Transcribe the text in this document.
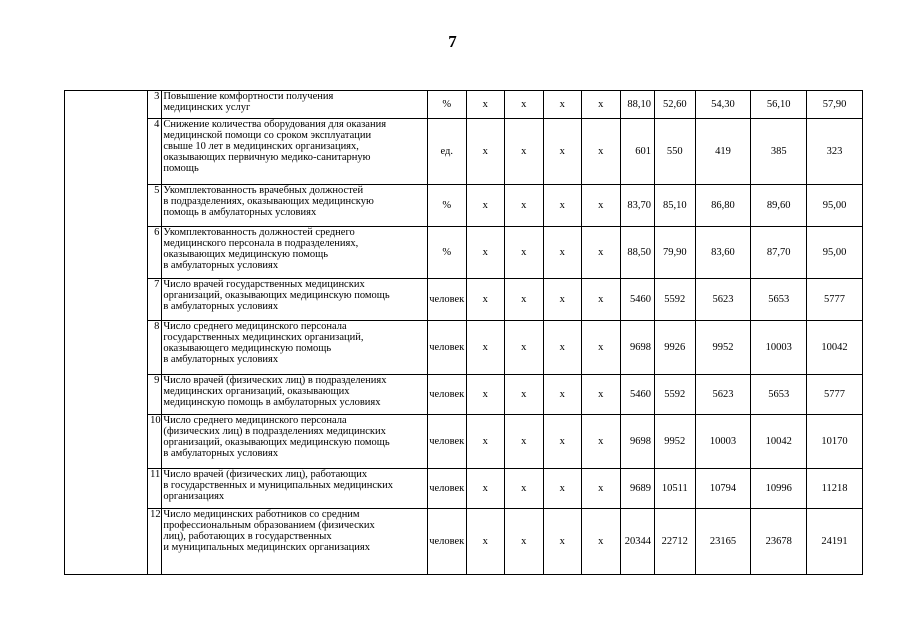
7
	3	Повышение комфортности получения
медицинских услуг	%	х	х	х	х	88,10	52,60	54,30	56,10	57,90
	4	Снижение количества оборудования для оказания
медицинской помощи со сроком эксплуатации
свыше 10 лет в медицинских организациях,
оказывающих первичную медико-санитарную
помощь	ед.	х	х	х	х	601	550	419	385	323
	5	Укомплектованность врачебных должностей
в подразделениях, оказывающих медицинскую
помощь в амбулаторных условиях	%	х	х	х	х	83,70	85,10	86,80	89,60	95,00
	6	Укомплектованность должностей среднего
медицинского персонала в подразделениях,
оказывающих медицинскую помощь
в амбулаторных условиях	%	х	х	х	х	88,50	79,90	83,60	87,70	95,00
	7	Число врачей государственных медицинских
организаций, оказывающих медицинскую помощь
в амбулаторных условиях	человек	х	х	х	х	5460	5592	5623	5653	5777
	8	Число среднего медицинского персонала
государственных медицинских организаций,
оказывающего медицинскую помощь
в амбулаторных условиях	человек	х	х	х	х	9698	9926	9952	10003	10042
	9	Число врачей (физических лиц) в подразделениях
медицинских организаций, оказывающих
медицинскую помощь в амбулаторных условиях	человек	х	х	х	х	5460	5592	5623	5653	5777
	10	Число среднего медицинского персонала
(физических лиц) в подразделениях медицинских
организаций, оказывающих медицинскую помощь
в амбулаторных условиях	человек	х	х	х	х	9698	9952	10003	10042	10170
	11	Число врачей (физических лиц), работающих
в государственных и муниципальных медицинских
организациях	человек	х	х	х	х	9689	10511	10794	10996	11218
	12	Число медицинских работников со средним
профессиональным образованием (физических
лиц), работающих в государственных
и муниципальных медицинских организациях	человек	х	х	х	х	20344	22712	23165	23678	24191
